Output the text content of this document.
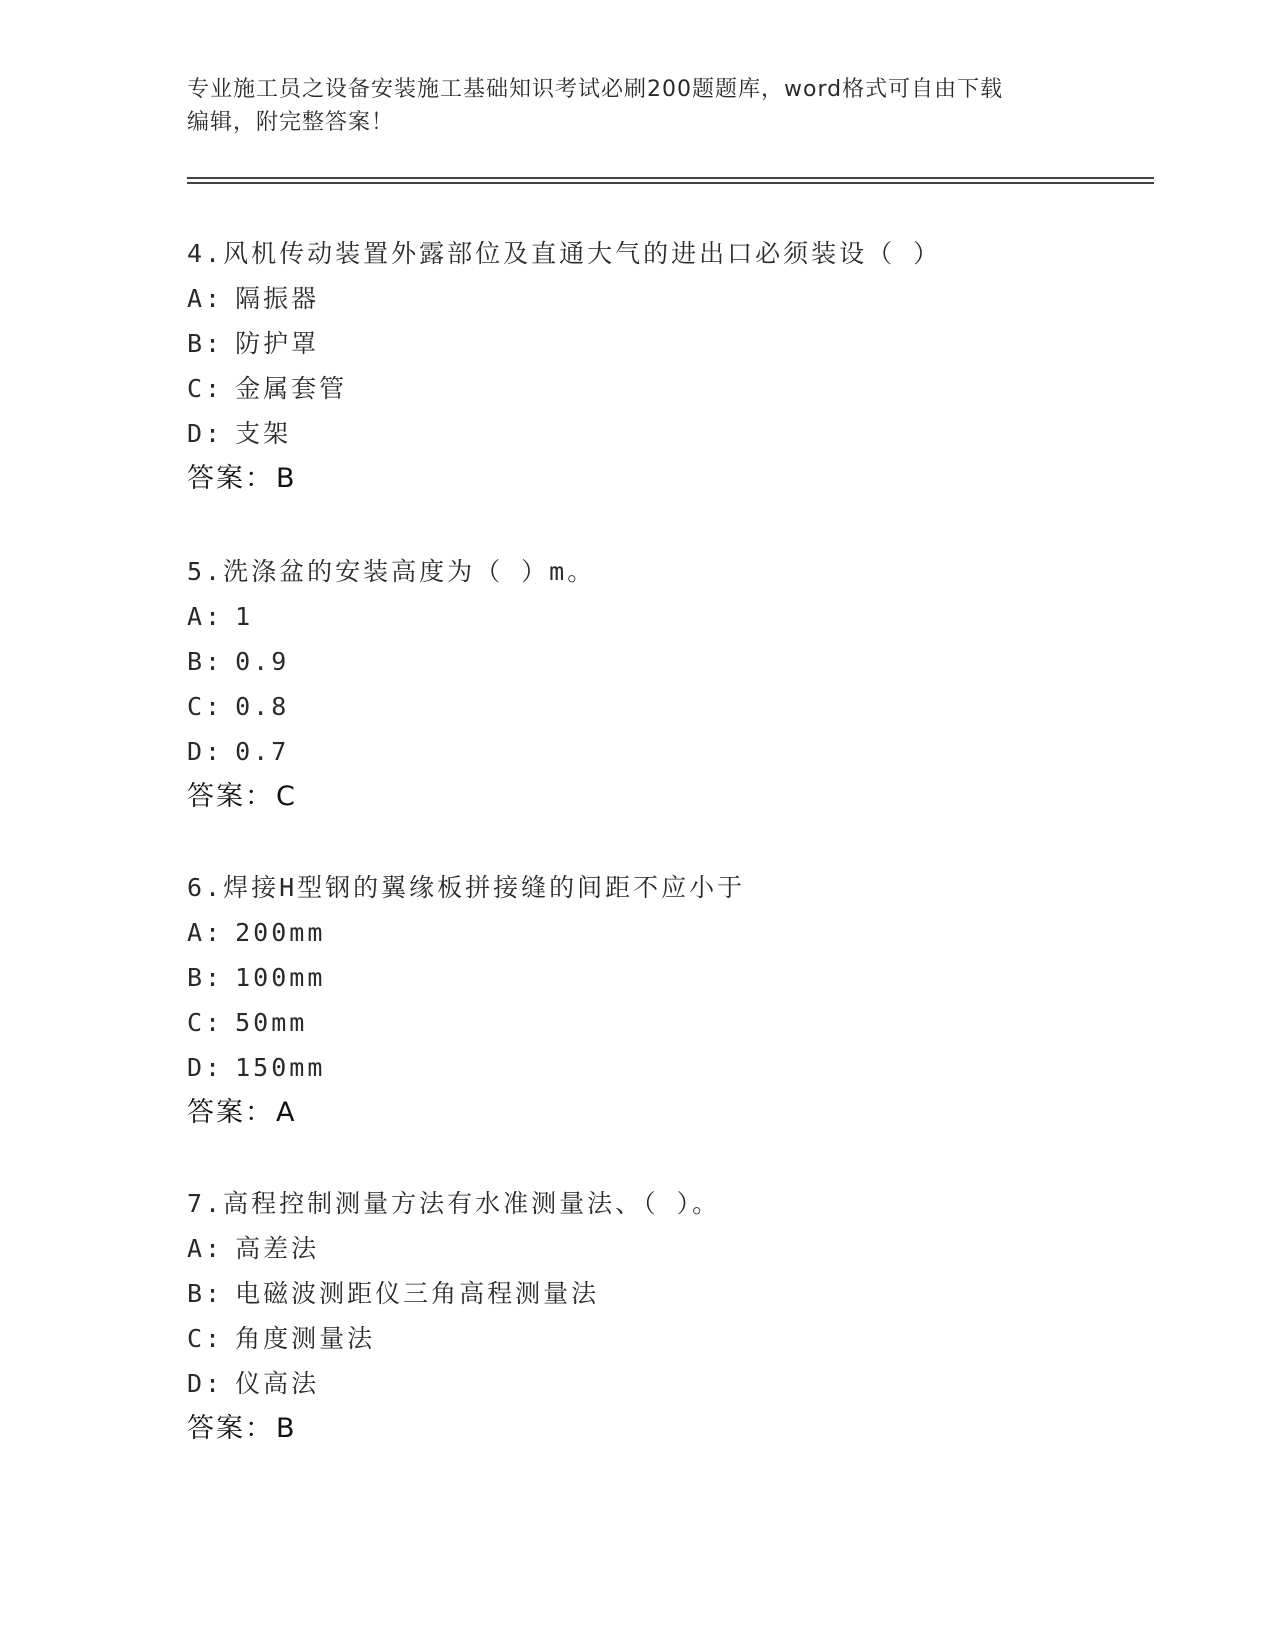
专业施工员之设备安装施工基础知识考试必刷200题题库，word格式可自由下载
编辑，附完整答案！
4.风机传动装置外露部位及直通大气的进出口必须装设（ ）
A: 隔振器
B: 防护罩
C: 金属套管
D: 支架
答案：B
5.洗涤盆的安装高度为（ ）m。
A: 1
B: 0.9
C: 0.8
D: 0.7
答案：C
6.焊接H型钢的翼缘板拼接缝的间距不应小于
A: 200mm
B: 100mm
C: 50mm
D: 150mm
答案：A
7.高程控制测量方法有水准测量法、（ ）。
A: 高差法
B: 电磁波测距仪三角高程测量法
C: 角度测量法
D: 仪高法
答案：B
